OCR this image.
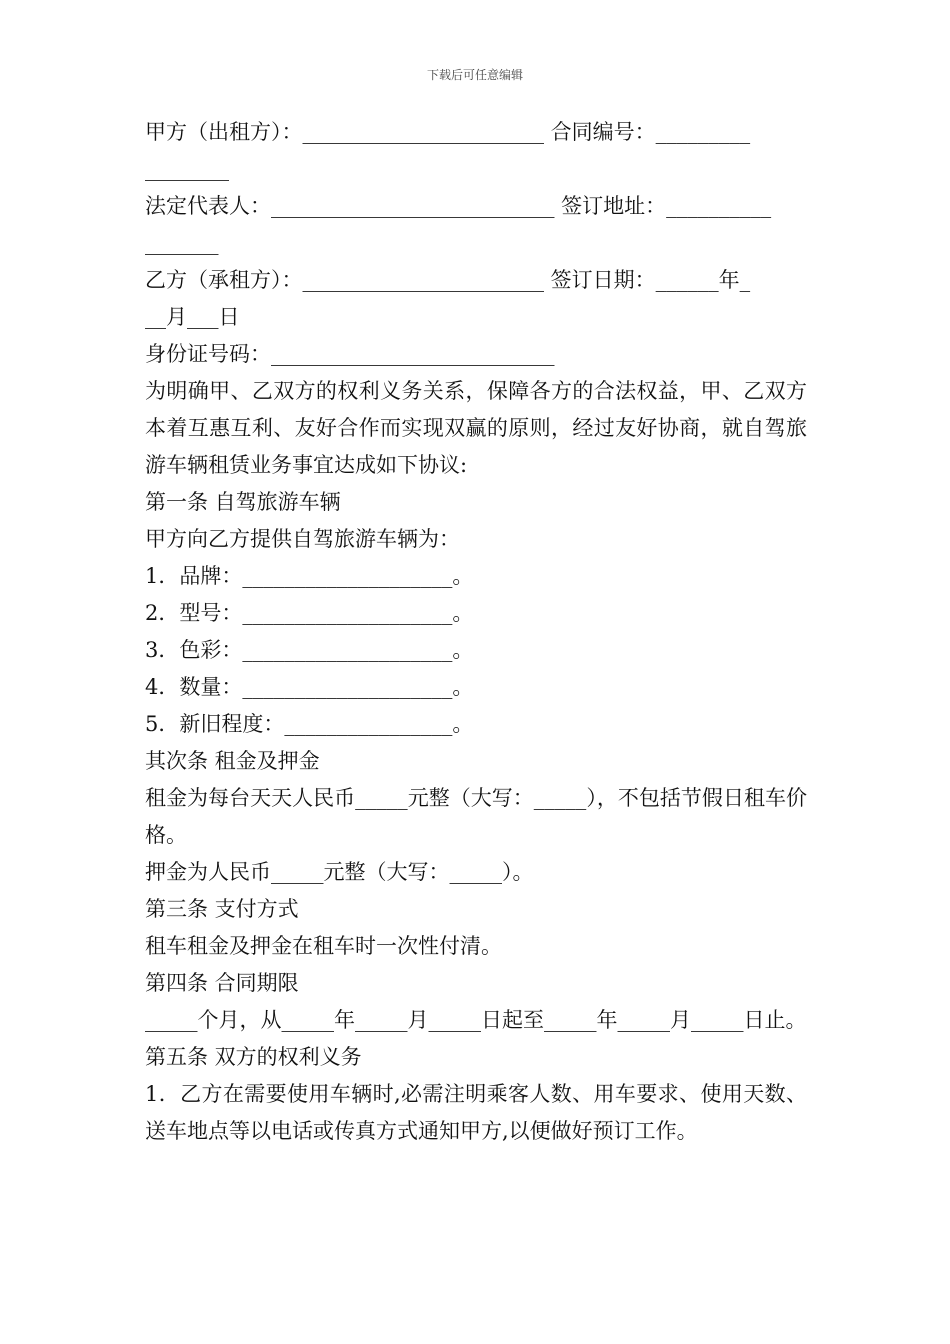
下载后可任意编辑

甲方（出租方）：_______________________ 合同编号：_________

________

法定代表人：___________________________ 签订地址：__________

_______

乙方（承租方）：_______________________ 签订日期：______年_

__月___日

身份证号码：___________________________

为明确甲、乙双方的权利义务关系，保障各方的合法权益，甲、乙双方本着互惠互利、友好合作而实现双赢的原则，经过友好协商，就自驾旅游车辆租赁业务事宜达成如下协议:

第一条 自驾旅游车辆

甲方向乙方提供自驾旅游车辆为：

1．品牌：____________________。

2．型号：____________________。

3．色彩：____________________。

4．数量：____________________。

5．新旧程度：________________。

其次条 租金及押金

租金为每台天天人民币_____元整（大写：_____），不包括节假日租车价格。

押金为人民币_____元整（大写：_____）。

第三条 支付方式

租车租金及押金在租车时一次性付清。

第四条 合同期限

_____个月，从_____年_____月_____日起至_____年_____月_____日止。

第五条 双方的权利义务

1．乙方在需要使用车辆时,必需注明乘客人数、用车要求、使用天数、送车地点等以电话或传真方式通知甲方,以便做好预订工作。
